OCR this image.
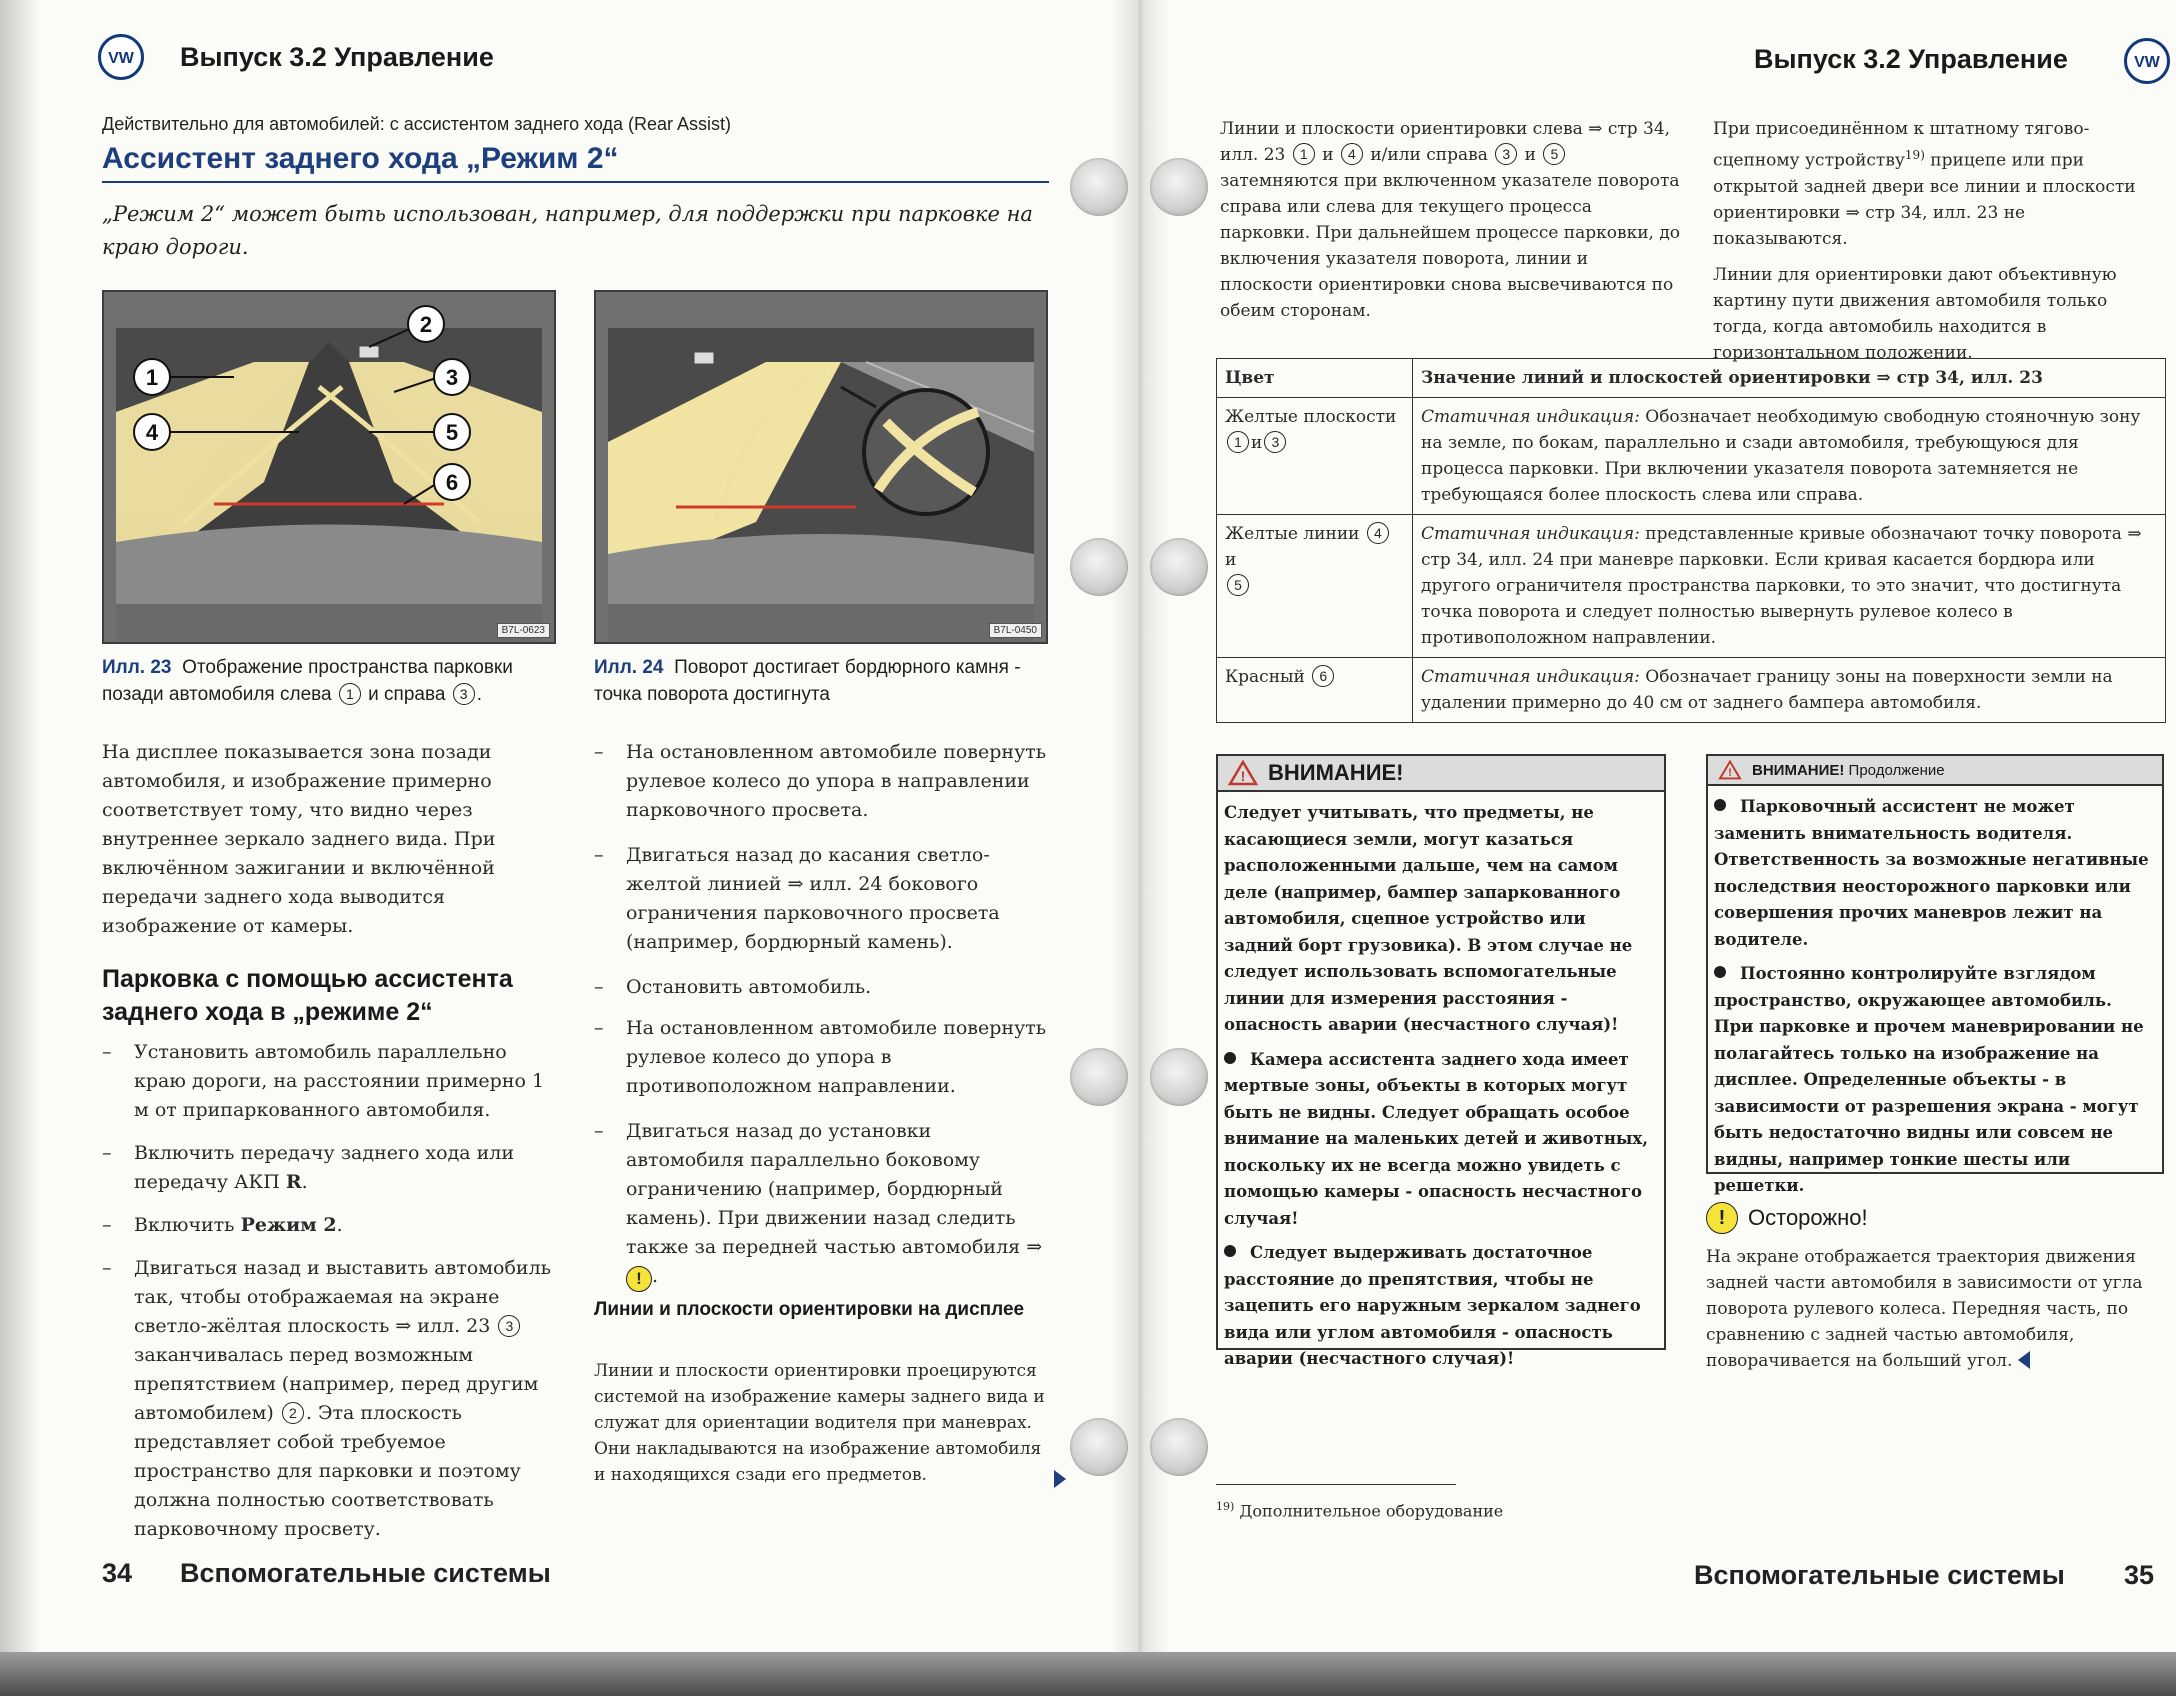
VW Выпуск 3.2 Управление
Действительно для автомобилей: с ассистентом заднего хода (Rear Assist)
Ассистент заднего хода „Режим 2“
„Режим 2“ может быть использован, например, для поддержки при парковке на краю дороги.
1
2
3
4	5
6
B7L-0623	B7L-0450
Илл. 23 Отображение пространства парковки позади автомобиля слева 1 и справа 3 .
Илл. 24 Поворот достигает бордюрного камня - точка поворота достигнута
На дисплее показывается зона позади автомобиля, и изображение примерно соответствует тому, что видно через внутреннее зеркало заднего вида. При включённом зажигании и включённой передачи заднего хода выводится изображение от камеры.
Парковка с помощью ассистента заднего хода в „режиме 2“
– Установить автомобиль параллельно краю дороги, на расстоянии примерно 1 м от припаркованного автомобиля.
– Включить передачу заднего хода или передачу АКП R.
– Включить Режим 2.
– Двигаться назад и выставить автомобиль так, чтобы отображаемая на экране светло-жёлтая плоскость ⇒ илл. 23 3 заканчивалась перед возможным препятствием (например, перед другим автомобилем) 2 . Эта плоскость представляет собой требуемое пространство для парковки и поэтому должна полностью соответствовать парковочному просвету.
– На остановленном автомобиле повернуть рулевое колесо до упора в направлении парковочного просвета.
– Двигаться назад до касания светло-желтой линией ⇒ илл. 24 бокового ограничения парковочного просвета (например, бордюрный камень).
– Остановить автомобиль.
– На остановленном автомобиле повернуть рулевое колесо до упора в противоположном направлении.
– Двигаться назад до установки автомобиля параллельно боковому ограничению (например, бордюрный камень). При движении назад следить также за передней частью автомобиля ⇒ ! .
Линии и плоскости ориентировки на дисплее
Линии и плоскости ориентировки проецируются системой на изображение камеры заднего вида и служат для ориентации водителя при маневрах. Они накладываются на изображение автомобиля и находящихся сзади его предметов.
34 Вспомогательные системы
Выпуск 3.2 Управление	VW
Линии и плоскости ориентировки слева ⇒ стр 34, илл. 23 1 и 4 и/или справа 3 и 5 затемняются при включенном указателе поворота справа или слева для текущего процесса парковки. При дальнейшем процессе парковки, до включения указателя поворота, линии и плоскости ориентировки снова высвечиваются по обеим сторонам.

При присоединённом к штатному тягово-сцепному устройству$^{19)}$ прицепе или при открытой задней двери все линии и плоскости ориентировки ⇒ стр 34, илл. 23 не показываются.

Линии для ориентировки дают объективную картину пути движения автомобиля только тогда, когда автомобиль находится в горизонтальном положении.

Цвет	Значение линий и плоскостей ориентировки ⇒ стр 34, илл. 23
Желтые плоскости
1 и 3	Статичная индикация: Обозначает необходимую свободную стояночную зону на земле, по бокам, параллельно и сзади автомобиля, требующуюся для процесса парковки. При включении указателя поворота затемняется не требующаяся более плоскость слева или справа.
Желтые линии 4 и
5	Статичная индикация: представленные кривые обозначают точку поворота ⇒ стр 34, илл. 24 при маневре парковки. Если кривая касается бордюра или другого ограничителя пространства парковки, то это значит, что достигнута точка поворота и следует полностью вывернуть рулевое колесо в противоположном направлении.
Красный 6	Статичная индикация: Обозначает границу зоны на поверхности земли на удалении примерно до 40 см от заднего бампера автомобиля.
! ВНИМАНИЕ!

Следует учитывать, что предметы, не касающиеся земли, могут казаться расположенными дальше, чем на самом деле (например, бампер запаркованного автомобиля, сцепное устройство или задний борт грузовика). В этом случае не следует использовать вспомогательные линии для измерения расстояния - опасность аварии (несчастного случая)!

Камера ассистента заднего хода имеет мертвые зоны, объекты в которых могут быть не видны. Следует обращать особое внимание на маленьких детей и животных, поскольку их не всегда можно увидеть с помощью камеры - опасность несчастного случая!

Следует выдерживать достаточное расстояние до препятствия, чтобы не зацепить его наружным зеркалом заднего вида или углом автомобиля - опасность аварии (несчастного случая)!

! ВНИМАНИЕ! Продолжение

Парковочный ассистент не может заменить внимательность водителя. Ответственность за возможные негативные последствия неосторожного парковки или совершения прочих маневров лежит на водителе.

Постоянно контролируйте взглядом пространство, окружающее автомобиль. При парковке и прочем маневрировании не полагайтесь только на изображение на дисплее. Определенные объекты - в зависимости от разрешения экрана - могут быть недостаточно видны или совсем не видны, например тонкие шесты или решетки.

!	Осторожно!
На экране отображается траектория движения задней части автомобиля в зависимости от угла поворота рулевого колеса. Передняя часть, по сравнению с задней частью автомобиля, поворачивается на больший угол.
$^{19)}$ Дополнительное оборудование
Вспомогательные системы 35
